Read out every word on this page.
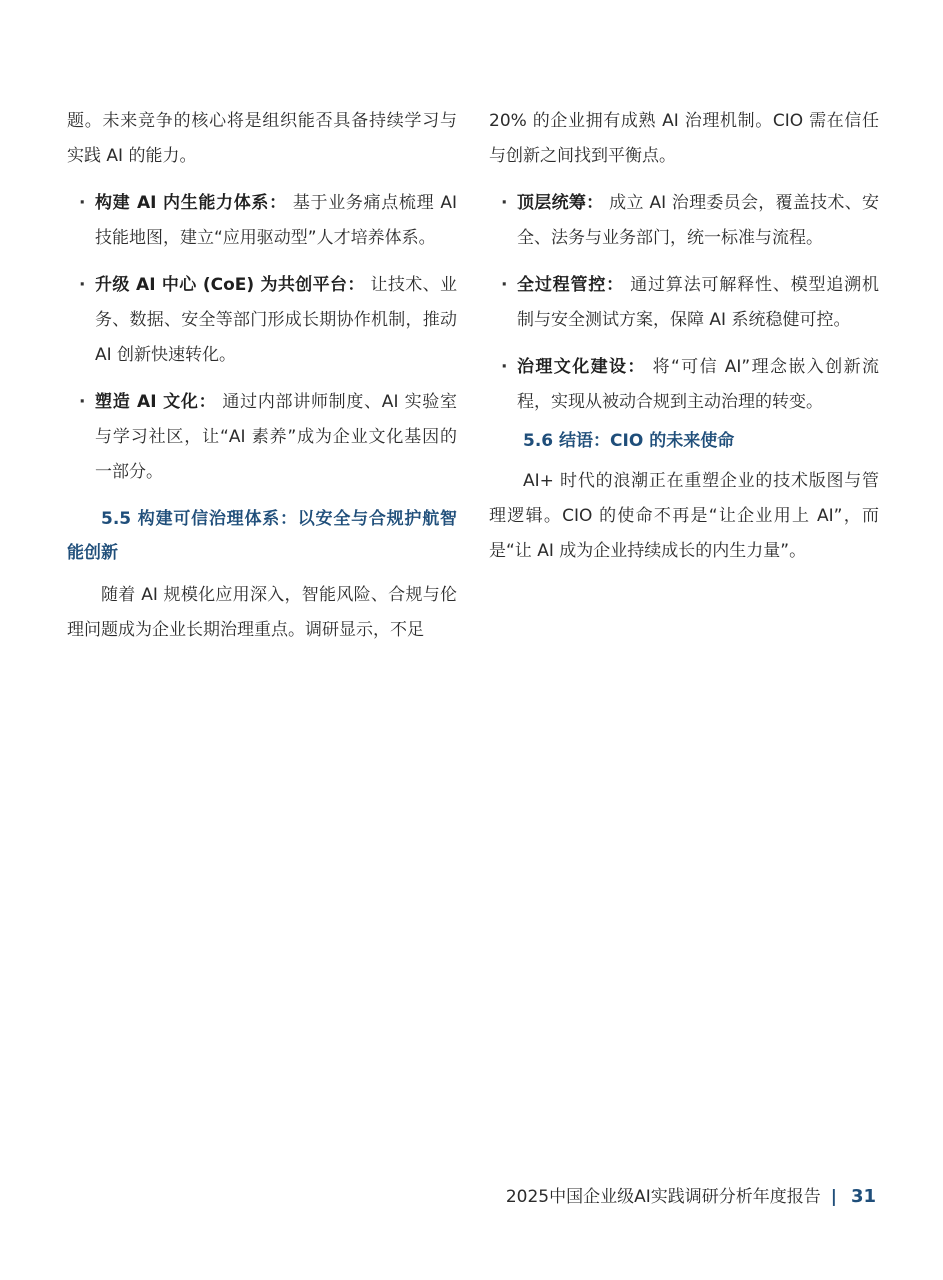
题。未来竞争的核心将是组织能否具备持续学习与实践 AI 的能力。

· 构建 AI 内生能力体系： 基于业务痛点梳理 AI 技能地图，建立“应用驱动型”人才培养体系。
· 升级 AI 中心 (CoE) 为共创平台： 让技术、业务、数据、安全等部门形成长期协作机制，推动 AI 创新快速转化。
· 塑造 AI 文化： 通过内部讲师制度、AI 实验室与学习社区，让“AI 素养”成为企业文化基因的一部分。
5.5 构建可信治理体系：以安全与合规护航智能创新

随着 AI 规模化应用深入，智能风险、合规与伦理问题成为企业长期治理重点。调研显示，不足

20% 的企业拥有成熟 AI 治理机制。CIO 需在信任与创新之间找到平衡点。

· 顶层统筹： 成立 AI 治理委员会，覆盖技术、安全、法务与业务部门，统一标准与流程。
· 全过程管控： 通过算法可解释性、模型追溯机制与安全测试方案，保障 AI 系统稳健可控。
· 治理文化建设： 将“可信 AI”理念嵌入创新流程，实现从被动合规到主动治理的转变。
5.6 结语：CIO 的未来使命

AI+ 时代的浪潮正在重塑企业的技术版图与管理逻辑。CIO 的使命不再是“让企业用上 AI”，而是“让 AI 成为企业持续成长的内生力量”。

2025中国企业级AI实践调研分析年度报告 | 31
